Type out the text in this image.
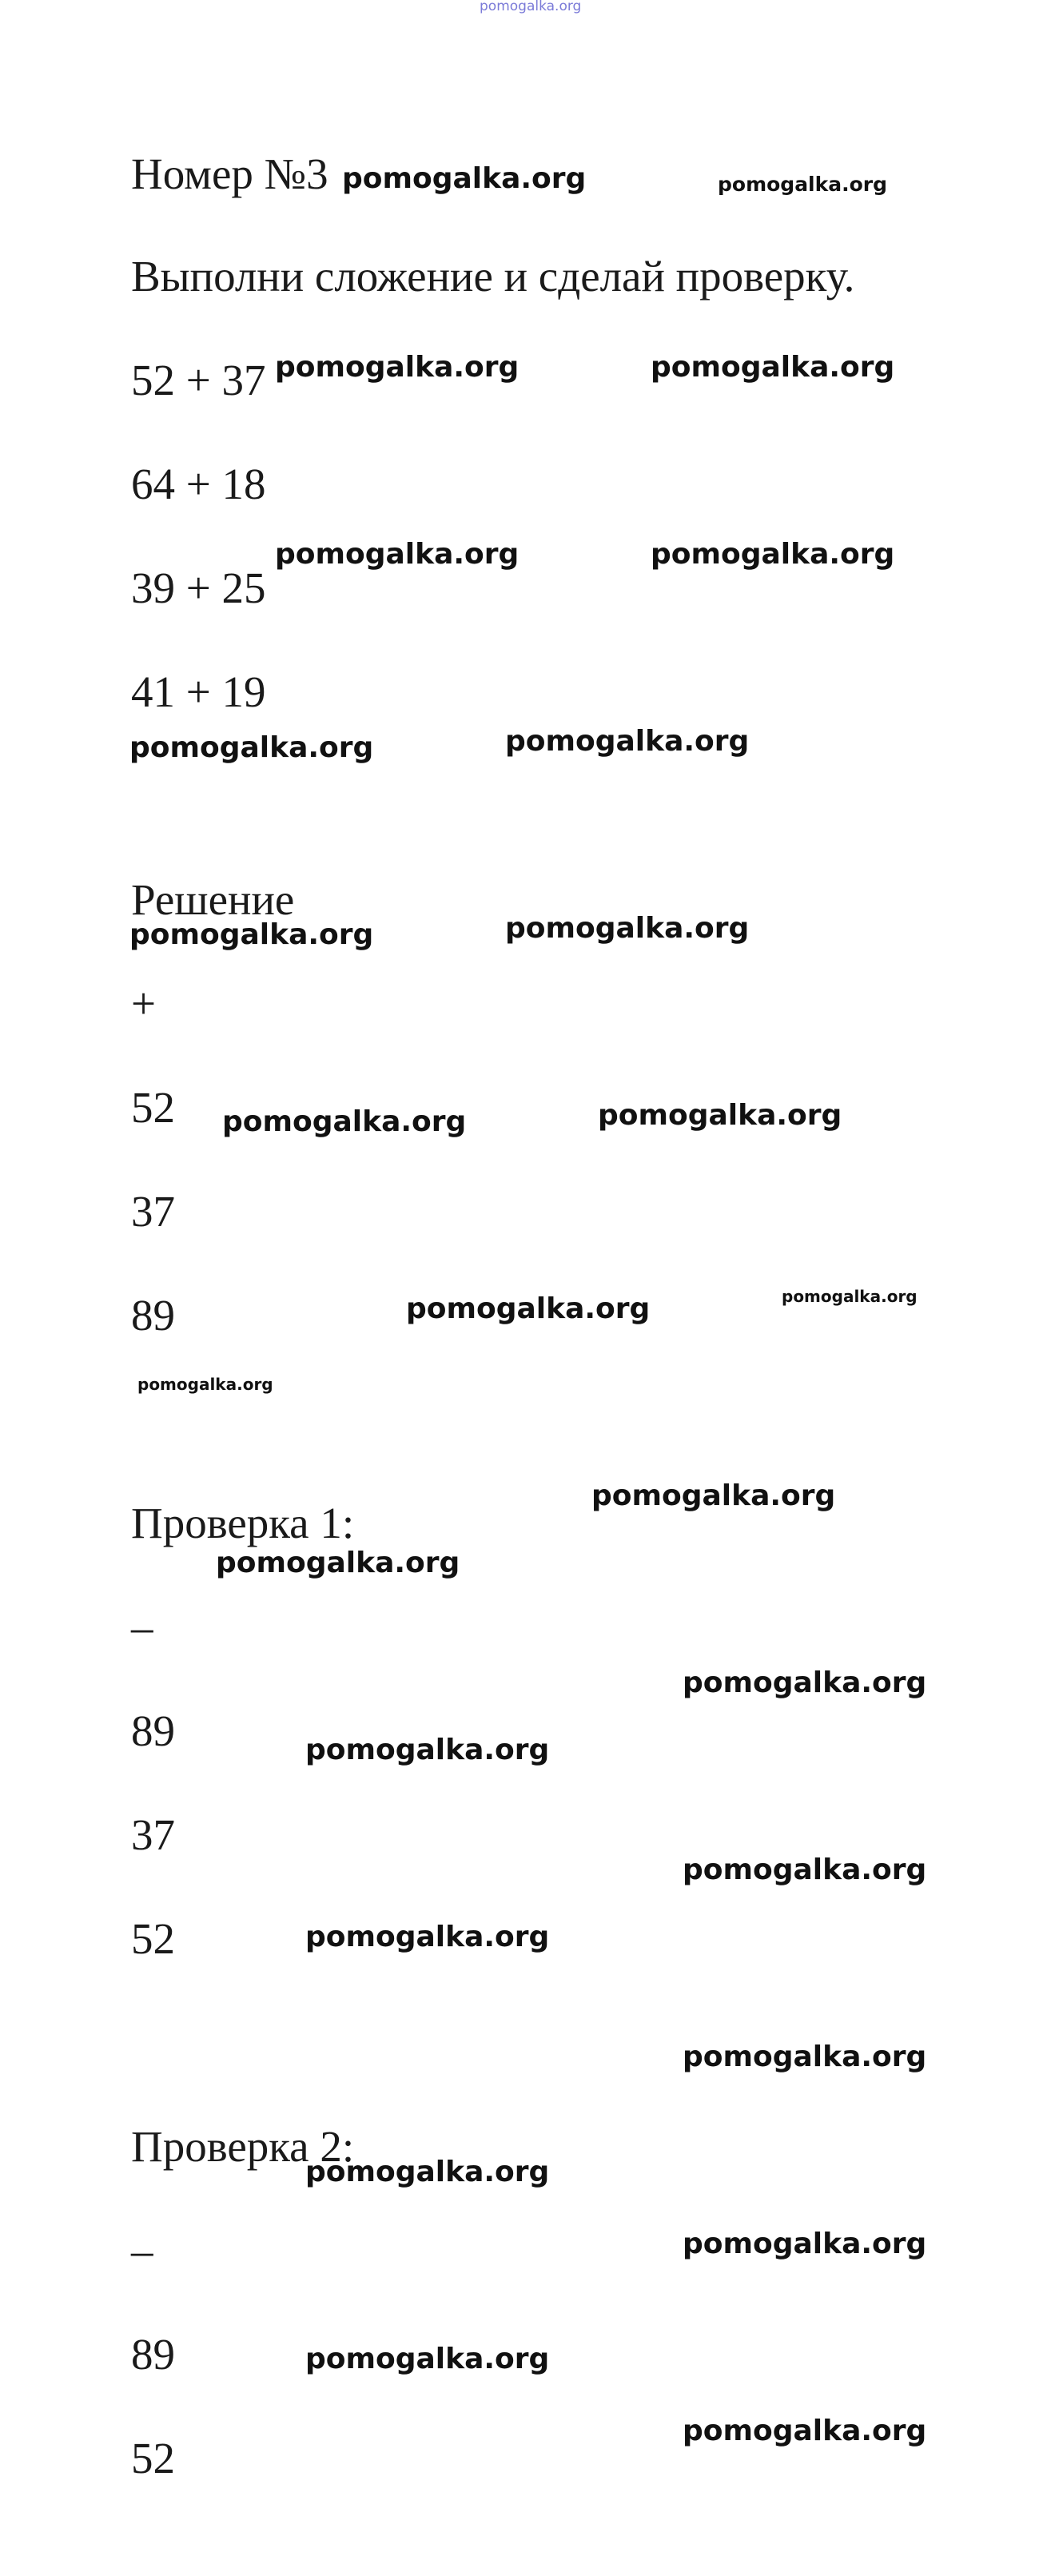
pomogalka.org
Номер №3
Выполни сложение и сделай проверку.
52 + 37
64 + 18
39 + 25
41 + 19
Решение
+
52
37
89
Проверка 1:
–
89
37
52
Проверка 2:
–
89
52
pomogalka.org	pomogalka.org
pomogalka.org	pomogalka.org
pomogalka.org	pomogalka.org
pomogalka.org	pomogalka.org
pomogalka.org	pomogalka.org
pomogalka.org	pomogalka.org
pomogalka.org	pomogalka.org
pomogalka.org
pomogalka.org
pomogalka.org
pomogalka.org
pomogalka.org
pomogalka.org
pomogalka.org
pomogalka.org
pomogalka.org
pomogalka.org
pomogalka.org
pomogalka.org
